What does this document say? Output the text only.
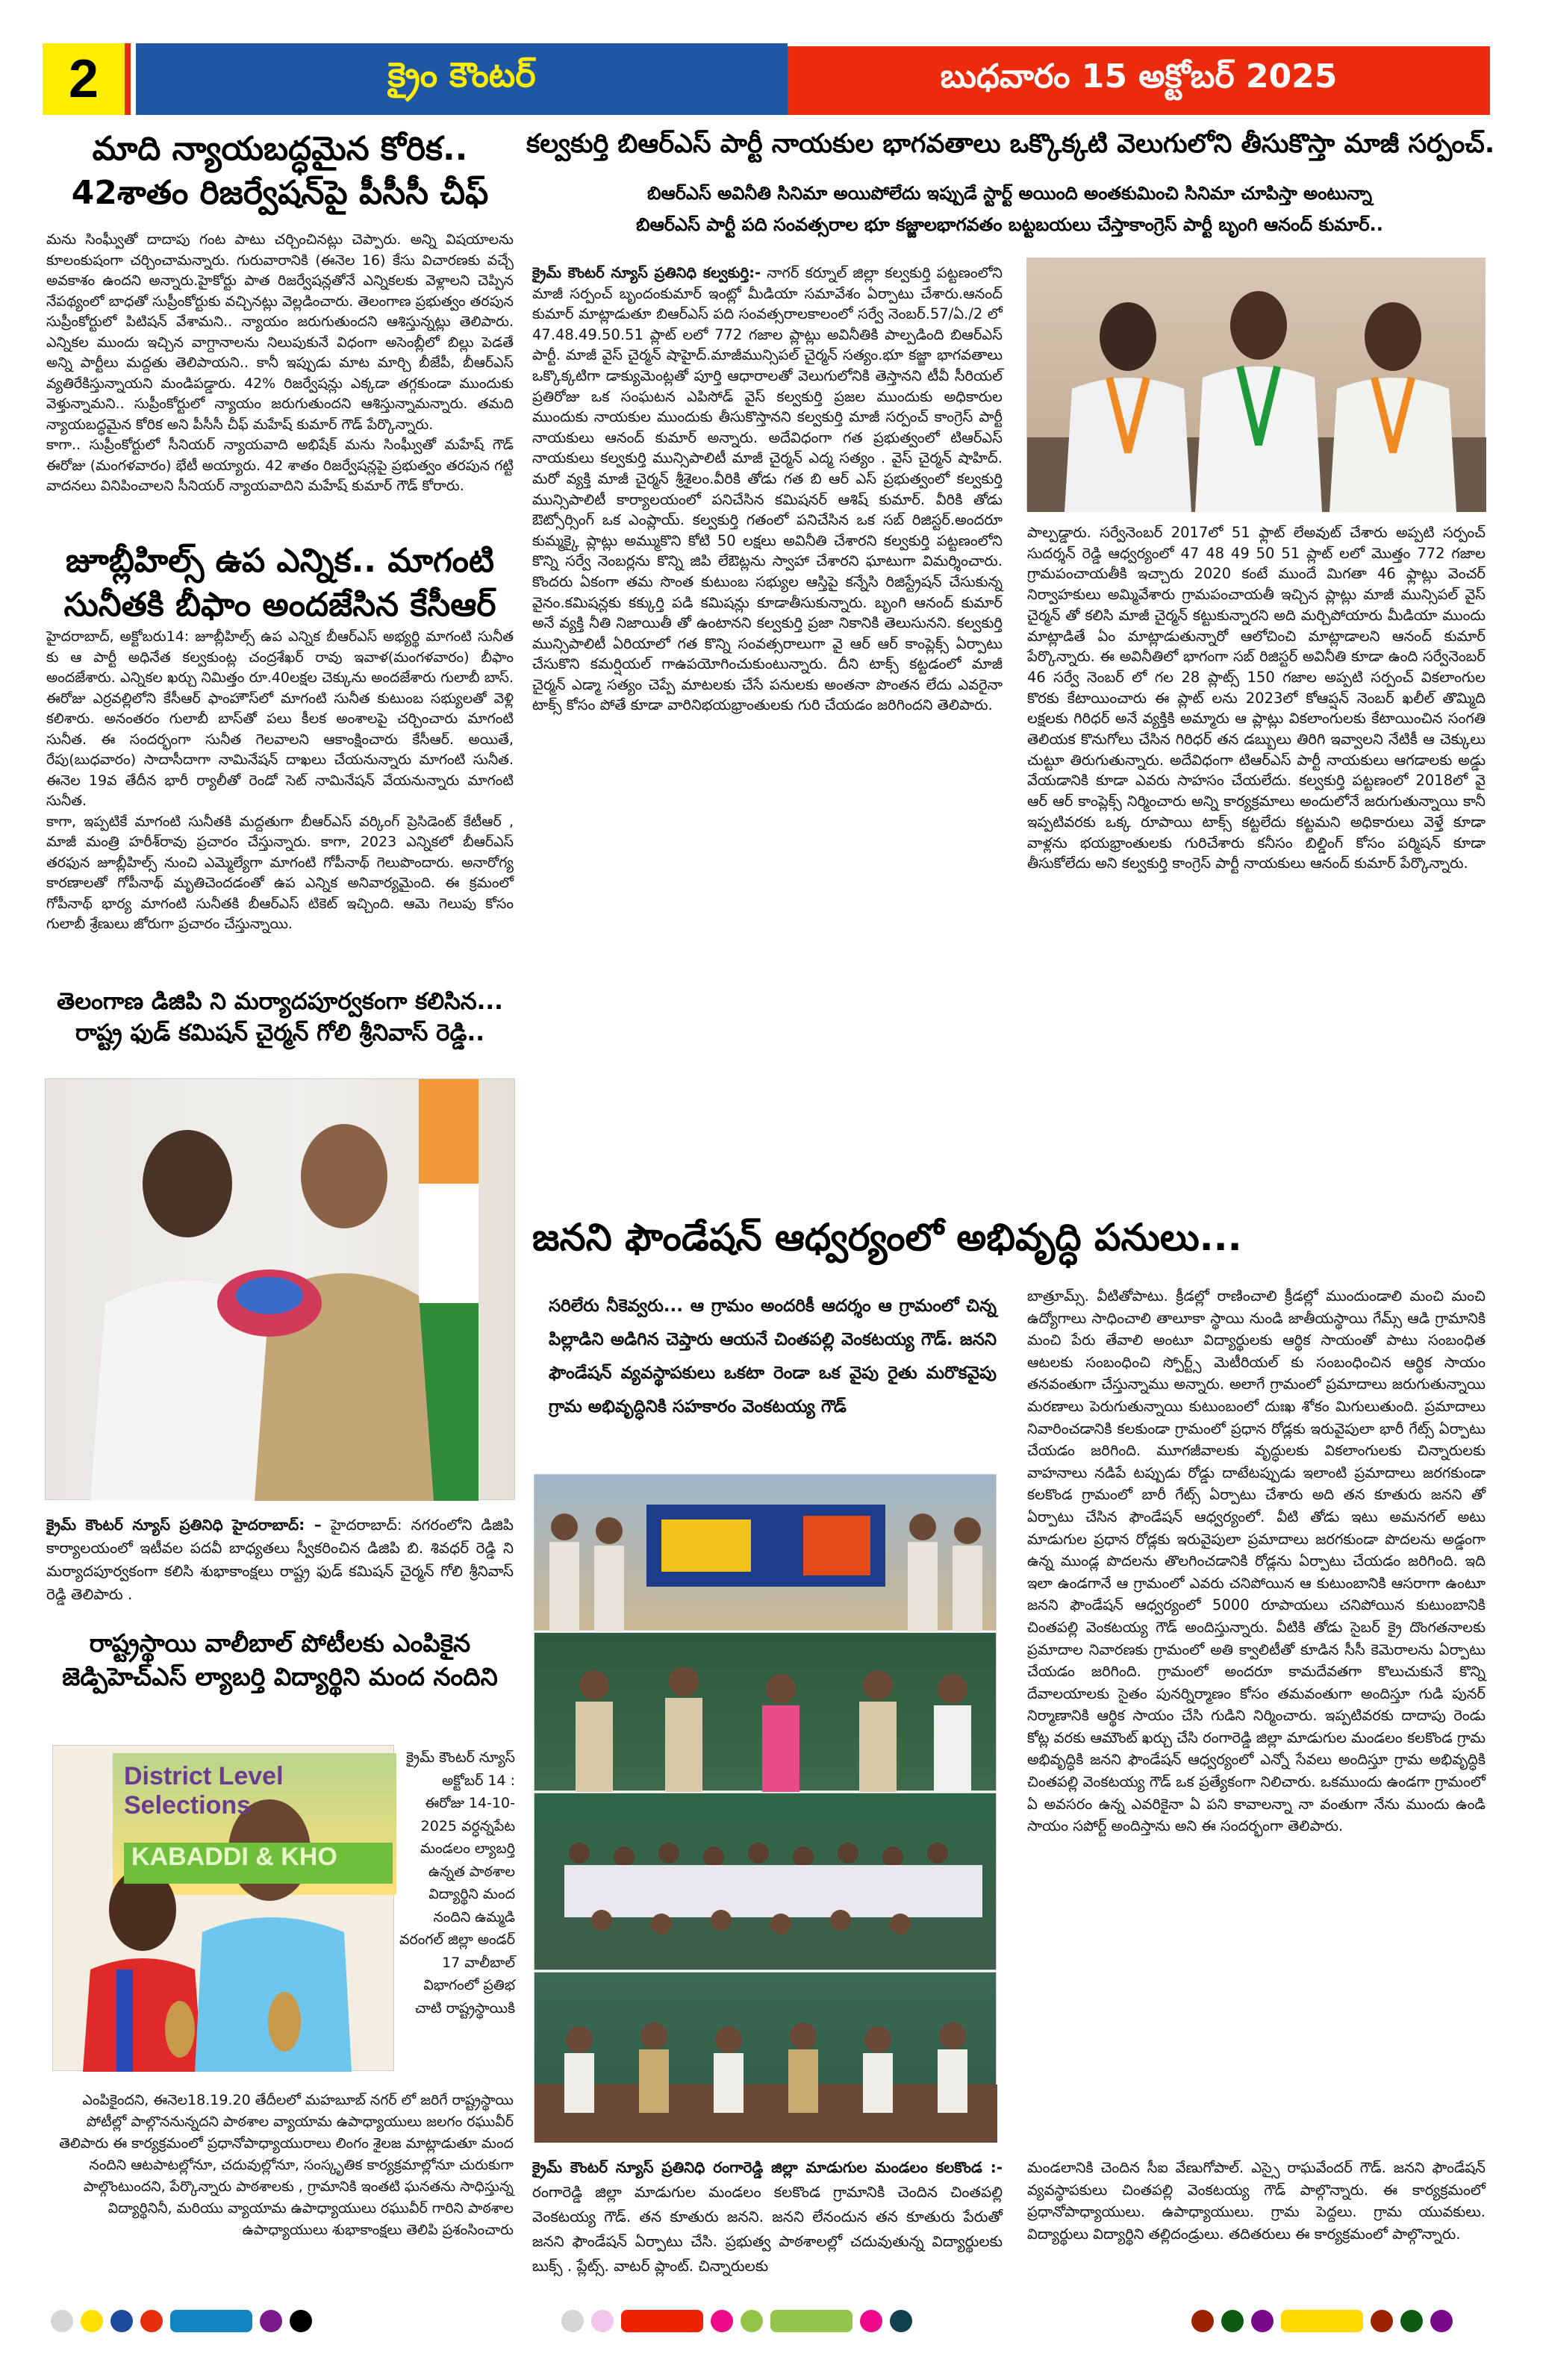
2	క్రైం కౌంటర్	బుధవారం 15 అక్టోబర్ 2025
మాది న్యాయబద్ధమైన కోరిక..
42శాతం రిజర్వేషన్‌పై పీసీసీ చీఫ్

మను సింఘ్వీతో దాదాపు గంట పాటు చర్చించినట్లు చెప్పారు. అన్ని విషయాలను కూలంకుషంగా చర్చించామన్నారు. గురువారానికి (ఈనెల 16) కేసు విచారణకు వచ్చే అవకాశం ఉందని అన్నారు.హైకోర్టు పాత రిజర్వేషన్లతోనే ఎన్నికలకు వెళ్లాలని చెప్పిన నేపథ్యంలో బాధతో సుప్రీంకోర్టుకు వచ్చినట్లు వెల్లడించారు. తెలంగాణ ప్రభుత్వం తరపున సుప్రీంకోర్టులో పిటిషన్ వేశామని.. న్యాయం జరుగుతుందని ఆశిస్తున్నట్లు తెలిపారు. ఎన్నికల ముందు ఇచ్చిన వాగ్దానాలను నిలుపుకునే విధంగా అసెంబ్లీలో బిల్లు పెడతే అన్ని పార్టీలు మద్దతు తెలిపాయని.. కానీ ఇప్పుడు మాట మార్చి బీజేపీ, బీఆర్ఎస్ వ్యతిరేకిస్తున్నాయని మండిపడ్డారు. 42% రిజర్వేషన్లు ఎక్కడా తగ్గకుండా ముందుకు వెళ్తున్నామని.. సుప్రీంకోర్టులో న్యాయం జరుగుతుందని ఆశిస్తున్నామన్నారు. తమది న్యాయబద్ధమైన కోరిక అని పీసీసీ చీఫ్ మహేష్ కుమార్ గౌడ్ పేర్కొన్నారు.

కాగా.. సుప్రీంకోర్టులో సీనియర్ న్యాయవాది అభిషేక్ మను సింఘ్వీతో మహేష్ గౌడ్ ఈరోజు (మంగళవారం) భేటీ అయ్యారు. 42 శాతం రిజర్వేషన్లపై ప్రభుత్వం తరపున గట్టి వాదనలు వినిపించాలని సీనియర్ న్యాయవాదిని మహేష్ కుమార్ గౌడ్ కోరారు.

జూబ్లీహిల్స్ ఉప ఎన్నిక.. మాగంటి
సునీతకి బీఫాం అందజేసిన కేసీఆర్

హైదరాబాద్, అక్టోబరు14: జూబ్లీహిల్స్ ఉప ఎన్నిక బీఆర్ఎస్ అభ్యర్థి మాగంటి సునీత కు ఆ పార్టీ అధినేత కల్వకుంట్ల చంద్రశేఖర్ రావు ఇవాళ(మంగళవారం) బీఫాం అందజేశారు. ఎన్నికల ఖర్చు నిమిత్తం రూ.40లక్షల చెక్కును అందజేశారు గులాబీ బాస్. ఈరోజు ఎర్రవల్లిలోని కేసీఆర్ ఫాంహౌస్‌లో మాగంటి సునీత కుటుంబ సభ్యులతో వెళ్లి కలిశారు. అనంతరం గులాబీ బాస్‌తో పలు కీలక అంశాలపై చర్చించారు మాగంటి సునీత. ఈ సందర్భంగా సునీత గెలవాలని ఆకాంక్షించారు కేసీఆర్. అయితే, రేపు(బుధవారం) సాదాసీదాగా నామినేషన్ దాఖలు చేయనున్నారు మాగంటి సునీత. ఈనెల 19వ తేదీన భారీ ర్యాలీతో రెండో సెట్ నామినేషన్ వేయనున్నారు మాగంటి సునీత.

కాగా, ఇప్పటికే మాగంటి సునీతకి మద్దతుగా బీఆర్ఎస్ వర్కింగ్ ప్రెసిడెంట్ కేటీఆర్ , మాజీ మంత్రి హరీశ్‌రావు ప్రచారం చేస్తున్నారు. కాగా, 2023 ఎన్నికలో బీఆర్ఎస్ తరఫున జూబ్లీహిల్స్ నుంచి ఎమ్మెల్యేగా మాగంటి గోపీనాథ్ గెలుపొందారు. అనారోగ్య కారణాలతో గోపీనాథ్ మృతిచెందడంతో ఉప ఎన్నిక అనివార్యమైంది. ఈ క్రమంలో గోపీనాథ్ భార్య మాగంటి సునీతకి బీఆర్ఎస్ టికెట్ ఇచ్చింది. ఆమె గెలుపు కోసం గులాబీ శ్రేణులు జోరుగా ప్రచారం చేస్తున్నాయి.

తెలంగాణ డిజిపి ని మర్యాదపూర్వకంగా కలిసిన...
రాష్ట్ర ఫుడ్ కమిషన్ చైర్మన్ గోలి శ్రీనివాస్ రెడ్డి..
క్రైమ్ కౌంటర్ న్యూస్ ప్రతినిధి హైదరాబాద్: – హైదరాబాద్: నగరంలోని డిజిపి కార్యాలయంలో ఇటీవల పదవీ బాధ్యతలు స్వీకరించిన డిజిపి బి. శివధర్ రెడ్డి ని మర్యాదపూర్వకంగా కలిసి శుభాకాంక్షలు రాష్ట్ర ఫుడ్ కమిషన్ చైర్మన్ గోలి శ్రీనివాస్ రెడ్డి తెలిపారు .
రాష్ట్రస్థాయి వాలీబాల్ పోటీలకు ఎంపికైన
జెడ్పిహెచ్ఎస్ ల్యాబర్తి విద్యార్థిని మంద నందిని
District Level Selections
KABADDI & KHO
క్రైమ్ కౌంటర్ న్యూస్ అక్టోబర్ 14 : ఈరోజు 14-10-2025 వర్ధన్నపేట మండలం ల్యాబర్తి ఉన్నత పాఠశాల విద్యార్థిని మంద నందిని ఉమ్మడి వరంగల్ జిల్లా అండర్ 17 వాలీబాల్ విభాగంలో ప్రతిభ చాటి రాష్ట్రస్థాయికి
ఎంపికైందని, ఈనెల18.19.20 తేదీలలో మహబూబ్ నగర్ లో జరిగే రాష్ట్రస్థాయి పోటీల్లో పాల్గొననున్నదని పాఠశాల వ్యాయామ ఉపాధ్యాయులు జలగం రఘువీర్ తెలిపారు ఈ కార్యక్రమంలో ప్రధానోపాధ్యాయురాలు లింగం శైలజ మాట్లాడుతూ మంద నందిని ఆటపాటల్లోనూ, చదువుల్లోనూ, సంస్కృతిక కార్యక్రమాల్లోనూ చురుకుగా పాల్గొంటుందని, పేర్కొన్నారు పాఠశాలకు , గ్రామానికి ఇంతటి ఘనతను సాధిస్తున్న విద్యార్థినినీ, మరియు వ్యాయామ ఉపాధ్యాయులు రఘువీర్ గారిని పాఠశాల ఉపాధ్యాయులు శుభాకాంక్షలు తెలిపి ప్రశంసించారు
కల్వకుర్తి బిఆర్ఎస్ పార్టీ నాయకుల భాగవతాలు ఒక్కొక్కటి వెలుగులోని తీసుకొస్తా మాజీ సర్పంచ్.
బిఆర్ఎస్ అవినీతి సినిమా అయిపోలేదు ఇప్పుడే స్టార్ట్ అయింది అంతకుమించి సినిమా చూపిస్తా అంటున్నా
బిఆర్ఎస్ పార్టీ పది సంవత్సరాల భూ కజ్జాలభాగవతం బట్టబయలు చేస్తాకాంగ్రెస్ పార్టీ బృంగి ఆనంద్ కుమార్..
క్రైమ్ కౌంటర్ న్యూస్ ప్రతినిధి కల్వకుర్తి:- నాగర్ కర్నూల్ జిల్లా కల్వకుర్తి పట్టణంలోని మాజీ సర్పంచ్ బృందంకుమార్ ఇంట్లో మీడియా సమావేశం ఏర్పాటు చేశారు.ఆనంద్ కుమార్ మాట్లాడుతూ బిఆర్ఎస్ పది సంవత్సరాలకాలంలో సర్వే నెంబర్.57/ఏ./2 లో 47.48.49.50.51 ప్లాట్ లలో 772 గజాల ప్లాట్లు అవినీతికి పాల్పడింది బిఆర్ఎస్ పార్టీ. మాజీ వైస్ చైర్మన్ షాహైద్.మాజీమున్సిపల్ చైర్మన్ సత్యం.భూ కజ్జా భాగవతాలు ఒక్కొక్కటిగా డాక్యుమెంట్లతో పూర్తి ఆధారాలతో వెలుగులోనికి తెస్తానని టీవీ సీరియల్ ప్రతిరోజు ఒక సంఘటన ఎపిసోడ్ వైస్ కల్వకుర్తి ప్రజల ముందుకు అధికారుల ముందుకు నాయకుల ముందుకు తీసుకొస్తానని కల్వకుర్తి మాజీ సర్పంచ్ కాంగ్రెస్ పార్టీ నాయకులు ఆనంద్ కుమార్ అన్నారు. అదేవిధంగా గత ప్రభుత్వంలో టిఆర్ఎస్ నాయకులు కల్వకుర్తి మున్సిపాలిటీ మాజీ చైర్మన్ ఎద్మ సత్యం . వైస్ చైర్మన్ షాహిద్. మరో వ్యక్తి మాజీ చైర్మన్ శ్రీశైలం.వీరికి తోడు గత బి ఆర్ ఎస్ ప్రభుత్వంలో కల్వకుర్తి మున్సిపాలిటీ కార్యాలయంలో పనిచేసిన కమిషనర్ ఆశిష్ కుమార్. వీరికి తోడు ఔట్సోర్సింగ్ ఒక ఎంప్లాయ్. కల్వకుర్తి గతంలో పనిచేసిన ఒక సబ్ రిజిస్టర్.అందరూ కుమ్మక్కై ప్లాట్లు అమ్ముకొని కోటి 50 లక్షలు అవినీతి చేశారని కల్వకుర్తి పట్టణంలోని కొన్ని సర్వే నెంబర్లను కొన్ని జిపి లేఔట్లను స్వాహా చేశారని ఘాటుగా విమర్శించారు. కొందరు ఏకంగా తమ సొంత కుటుంబ సభ్యుల ఆస్తిపై కన్నేసి రిజిస్ట్రేషన్ చేసుకున్న వైనం.కమిషన్లకు కక్కుర్తి పడి కమిషన్లు కూడాతీసుకున్నారు. బృంగి ఆనంద్ కుమార్ అనే వ్యక్తి నీతి నిజాయితీ తో ఉంటానని కల్వకుర్తి ప్రజా నికానికి తెలుసునని. కల్వకుర్తి మున్సిపాలిటీ ఏరియాలో గత కొన్ని సంవత్సరాలుగా వై ఆర్ ఆర్ కాంప్లెక్స్ ఏర్పాటు చేసుకొని కమర్షియల్ గాఉపయోగించుకుంటున్నారు. దీని టాక్స్ కట్టడంలో మాజీ చైర్మన్ ఎడ్మా సత్యం చెప్పే మాటలకు చేసే పనులకు అంతనా పొంతన లేదు ఎవరైనా టాక్స్ కోసం పోతే కూడా వారినిభయభ్రాంతులకు గురి చేయడం జరిగిందని తెలిపారు.
పాల్పడ్డారు. సర్వేనెంబర్ 2017లో 51 ఫ్లాట్ లేఅవుట్ చేశారు అప్పటి సర్పంచ్ సుదర్శన్ రెడ్డి ఆధ్వర్యంలో 47 48 49 50 51 ప్లాట్ లలో మొత్తం 772 గజాల గ్రామపంచాయతీకి ఇచ్చారు 2020 కంటే ముందే మిగతా 46 ఫ్లాట్లు వెంచర్ నిర్వాహకులు అమ్మివేశారు గ్రామపంచాయతీ ఇచ్చిన ప్లాట్లు మాజీ మున్సిపల్ వైస్ చైర్మన్ తో కలిసి మాజీ చైర్మన్ కట్టుకున్నారని అది మర్చిపోయారు మీడియా ముందు మాట్లాడితే ఏం మాట్లాడుతున్నారో ఆలోచించి మాట్లాడాలని ఆనంద్ కుమార్ పేర్కొన్నారు. ఈ అవినీతిలో భాగంగా సబ్ రిజిస్టర్ అవినీతి కూడా ఉంది సర్వేనెంబర్ 46 సర్వే నెంబర్ లో గల 28 ప్లాట్స్ 150 గజాల అప్పటి సర్పంచ్ వికలాంగుల కొరకు కేటాయించారు ఈ ప్లాట్ లను 2023లో కోఆప్షన్ నెంబర్ ఖలీల్ తొమ్మిది లక్షలకు గిరిధర్ అనే వ్యక్తికి అమ్మారు ఆ ప్లాట్లు వికలాంగులకు కేటాయించిన సంగతి తెలియక కొనుగోలు చేసిన గిరిధర్ తన డబ్బులు తిరిగి ఇవ్వాలని నేటికీ ఆ చెక్కులు చుట్టూ తిరుగుతున్నారు. అదేవిధంగా టిఆర్ఎస్ పార్టీ నాయకులు ఆగడాలకు అడ్డు వేయడానికి కూడా ఎవరు సాహసం చేయలేదు. కల్వకుర్తి పట్టణంలో 2018లో వై ఆర్ ఆర్ కాంప్లెక్స్ నిర్మించారు అన్ని కార్యక్రమాలు అందులోనే జరుగుతున్నాయి కానీ ఇప్పటివరకు ఒక్క రూపాయి టాక్స్ కట్టలేదు కట్టమని అధికారులు వెళ్తే కూడా వాళ్లను భయభ్రాంతులకు గురిచేశారు కనీసం బిల్డింగ్ కోసం పర్మిషన్ కూడా తీసుకోలేదు అని కల్వకుర్తి కాంగ్రెస్ పార్టీ నాయకులు ఆనంద్ కుమార్ పేర్కొన్నారు.
జనని ఫౌండేషన్ ఆధ్వర్యంలో అభివృద్ధి పనులు...
సరిలేరు నీకెవ్వరు... ఆ గ్రామం అందరికీ ఆదర్శం ఆ గ్రామంలో చిన్న పిల్లాడిని అడిగిన చెప్తారు ఆయనే చింతపల్లి వెంకటయ్య గౌడ్. జనని ఫౌండేషన్ వ్యవస్థాపకులు ఒకటా రెండా ఒక వైపు రైతు మరొకవైపు గ్రామ అభివృద్ధినికి సహకారం వెంకటయ్య గౌడ్
క్రైమ్ కౌంటర్ న్యూస్ ప్రతినిధి రంగారెడ్డి జిల్లా మాడుగుల మండలం కలకొండ :- రంగారెడ్డి జిల్లా మాడుగుల మండలం కలకొండ గ్రామానికి చెందిన చింతపల్లి వెంకటయ్య గౌడ్. తన కూతురు జనని. జనని లేనందున తన కూతురు పేరుతో జనని ఫౌండేషన్ ఏర్పాటు చేసి. ప్రభుత్వ పాఠశాలల్లో చదువుతున్న విద్యార్థులకు బుక్స్ . ప్లేట్స్. వాటర్ ప్లాంట్. చిన్నారులకు
బాత్రూమ్స్. వీటితోపాటు. క్రీడల్లో రాణించాలి క్రీడల్లో ముందుండాలి మంచి మంచి ఉద్యోగాలు సాధించాలి తాలూకా స్థాయి నుండి జాతీయస్థాయి గేమ్స్ ఆడి గ్రామానికి మంచి పేరు తేవాలి అంటూ విద్యార్థులకు ఆర్థిక సాయంతో పాటు సంబంధిత ఆటలకు సంబంధించి స్పోర్ట్స్ మెటీరియల్ కు సంబంధించిన ఆర్థిక సాయం తనవంతుగా చేస్తున్నాము అన్నారు. అలాగే గ్రామంలో ప్రమాదాలు జరుగుతున్నాయి మరణాలు పెరుగుతున్నాయి కుటుంబంలో దుఃఖ శోకం మిగులుతుంది. ప్రమాదాలు నివారించడానికి కలకుండా గ్రామంలో ప్రధాన రోడ్లకు ఇరువైపులా భారీ గేట్స్ ఏర్పాటు చేయడం జరిగింది. మూగజీవాలకు వృద్ధులకు వికలాంగులకు చిన్నారులకు వాహనాలు నడిపే టప్పుడు రోడ్డు దాటేటప్పుడు ఇలాంటి ప్రమాదాలు జరగకుండా కలకొండ గ్రామంలో బారీ గేట్స్ ఏర్పాటు చేశారు అది తన కూతురు జనని తో ఏర్పాటు చేసిన ఫౌండేషన్ ఆధ్వర్యంలో. వీటి తోడు ఇటు అమనగల్ అటు మాడుగుల ప్రధాన రోడ్లకు ఇరువైపులా ప్రమాదాలు జరగకుండా పొదలను అడ్డంగా ఉన్న ముండ్ల పొదలను తొలగించడానికి రోడ్లను ఏర్పాటు చేయడం జరిగింది. ఇది ఇలా ఉండగానే ఆ గ్రామంలో ఎవరు చనిపోయిన ఆ కుటుంబానికి ఆసరాగా ఉంటూ జనని ఫౌండేషన్ ఆధ్వర్యంలో 5000 రూపాయలు చనిపోయిన కుటుంబానికి చింతపల్లి వెంకటయ్య గౌడ్ అందిస్తున్నారు. వీటికి తోడు సైబర్ క్రై దొంగతనాలకు ప్రమాదాల నివారణకు గ్రామంలో అతి క్వాలిటీతో కూడిన సీసీ కెమెరాలను ఏర్పాటు చేయడం జరిగింది. గ్రామంలో అందరూ కామదేవతగా కొలుచుకునే కొన్ని దేవాలయాలకు సైతం పునర్నిర్మాణం కోసం తమవంతుగా అందిస్తూ గుడి పునర్ నిర్మాణానికి ఆర్థిక సాయం చేసి గుడిని నిర్మించారు. ఇప్పటివరకు దాదాపు రెండు కోట్ల వరకు ఆమౌంట్ ఖర్చు చేసి రంగారెడ్డి జిల్లా మాడుగుల మండలం కలకొండ గ్రామ అభివృద్ధికి జనని ఫౌండేషన్ ఆధ్వర్యంలో ఎన్నో సేవలు అందిస్తూ గ్రామ అభివృద్ధికి చింతపల్లి వెంకటయ్య గౌడ్ ఒక ప్రత్యేకంగా నిలిచారు. ఒకముందు ఉండగా గ్రామంలో ఏ అవసరం ఉన్న ఎవరికైనా ఏ పని కావాలన్నా నా వంతుగా నేను ముందు ఉండి సాయం సపోర్ట్ అందిస్తాను అని ఈ సందర్భంగా తెలిపారు.
మండలానికి చెందిన సీఐ వేణుగోపాల్. ఎస్సై రాఘవేందర్ గౌడ్. జనని ఫౌండేషన్ వ్యవస్థాపకులు చింతపల్లి వెంకటయ్య గౌడ్ పాల్గొన్నారు. ఈ కార్యక్రమంలో ప్రధానోపాధ్యాయులు. ఉపాధ్యాయులు. గ్రామ పెద్దలు. గ్రామ యువకులు. విద్యార్థులు విద్యార్థిని తల్లిదండ్రులు. తదితరులు ఈ కార్యక్రమంలో పాల్గొన్నారు.
